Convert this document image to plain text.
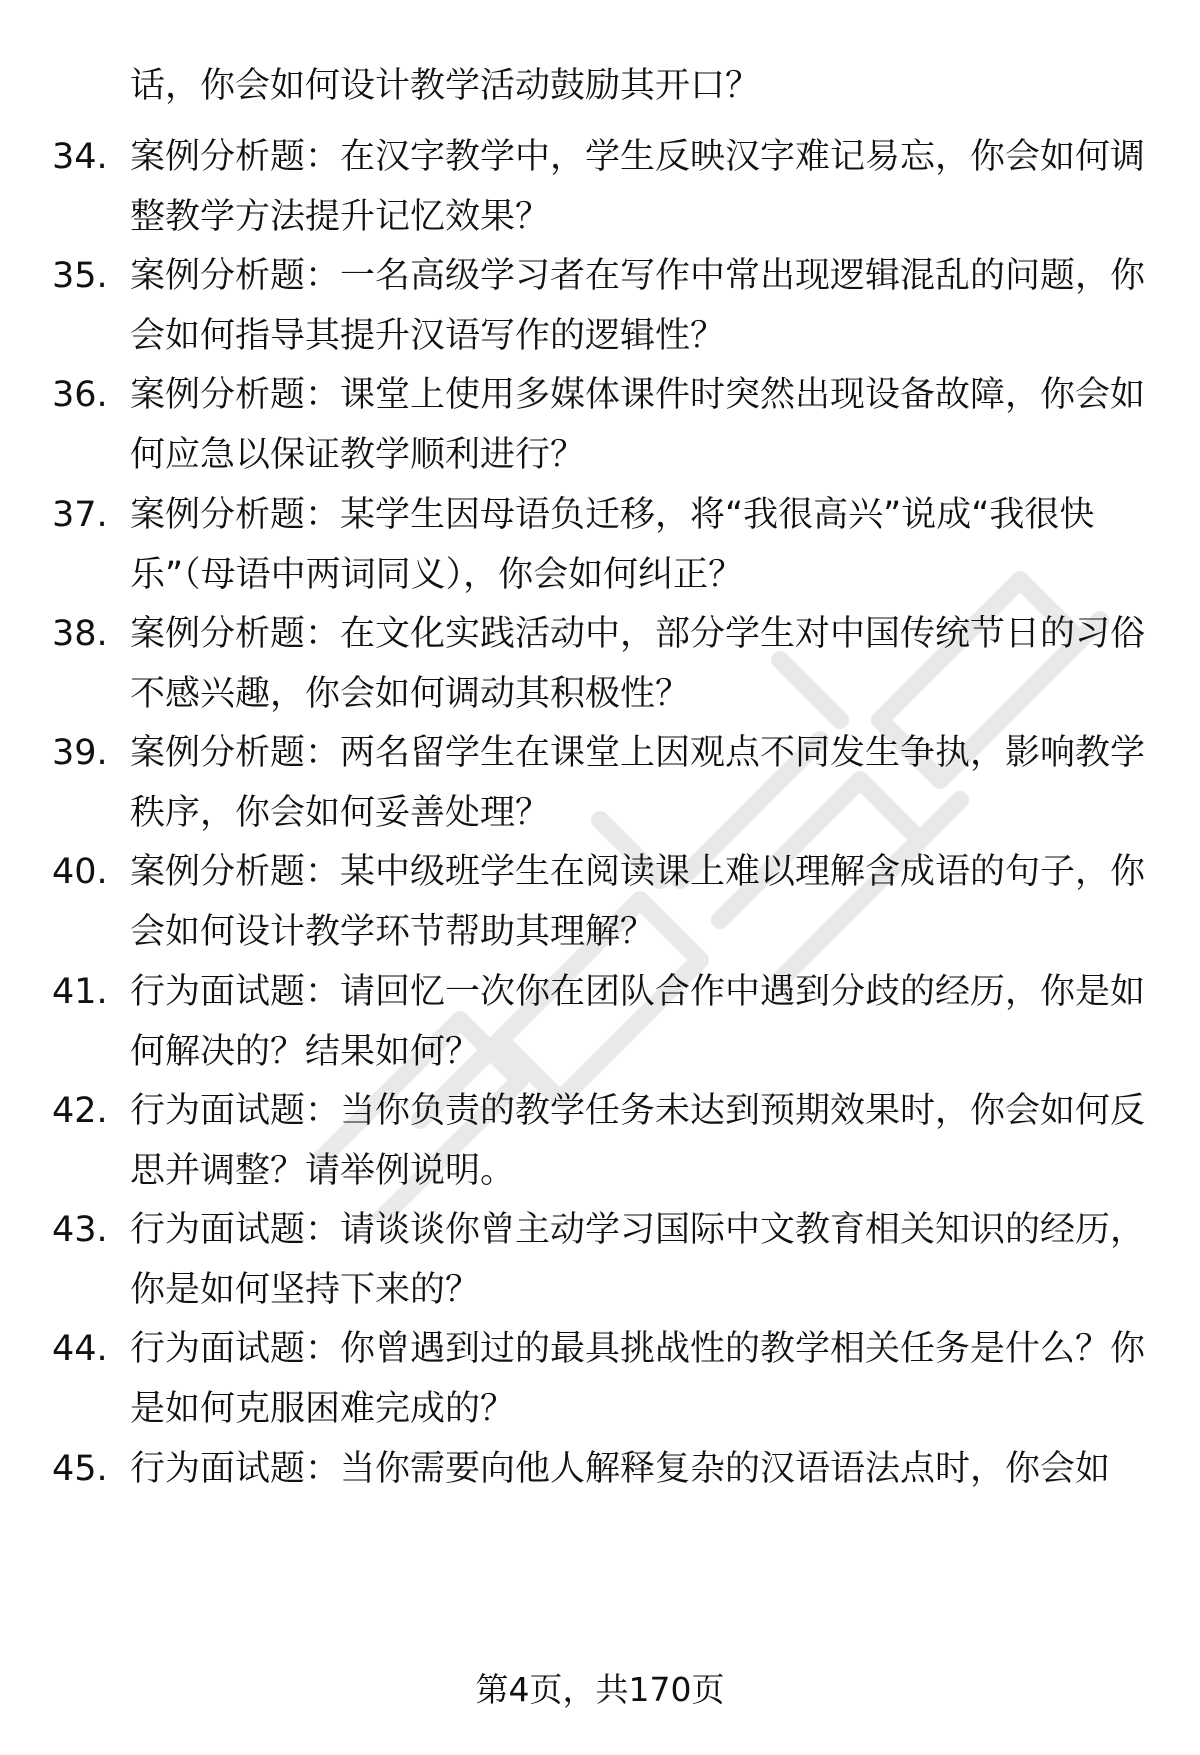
话，你会如何设计教学活动鼓励其开口？
34. 案例分析题：在汉字教学中，学生反映汉字难记易忘，你会如何调整教学方法提升记忆效果？
35. 案例分析题：一名高级学习者在写作中常出现逻辑混乱的问题，你会如何指导其提升汉语写作的逻辑性？
36. 案例分析题：课堂上使用多媒体课件时突然出现设备故障，你会如何应急以保证教学顺利进行？
37. 案例分析题：某学生因母语负迁移，将“我很高兴”说成“我很快乐”（母语中两词同义），你会如何纠正？
38. 案例分析题：在文化实践活动中，部分学生对中国传统节日的习俗不感兴趣，你会如何调动其积极性？
39. 案例分析题：两名留学生在课堂上因观点不同发生争执，影响教学秩序，你会如何妥善处理？
40. 案例分析题：某中级班学生在阅读课上难以理解含成语的句子，你会如何设计教学环节帮助其理解？
41. 行为面试题：请回忆一次你在团队合作中遇到分歧的经历，你是如何解决的？结果如何？
42. 行为面试题：当你负责的教学任务未达到预期效果时，你会如何反思并调整？请举例说明。
43. 行为面试题：请谈谈你曾主动学习国际中文教育相关知识的经历，你是如何坚持下来的？
44. 行为面试题：你曾遇到过的最具挑战性的教学相关任务是什么？你是如何克服困难完成的？
45. 行为面试题：当你需要向他人解释复杂的汉语语法点时，你会如
第4页，共170页
